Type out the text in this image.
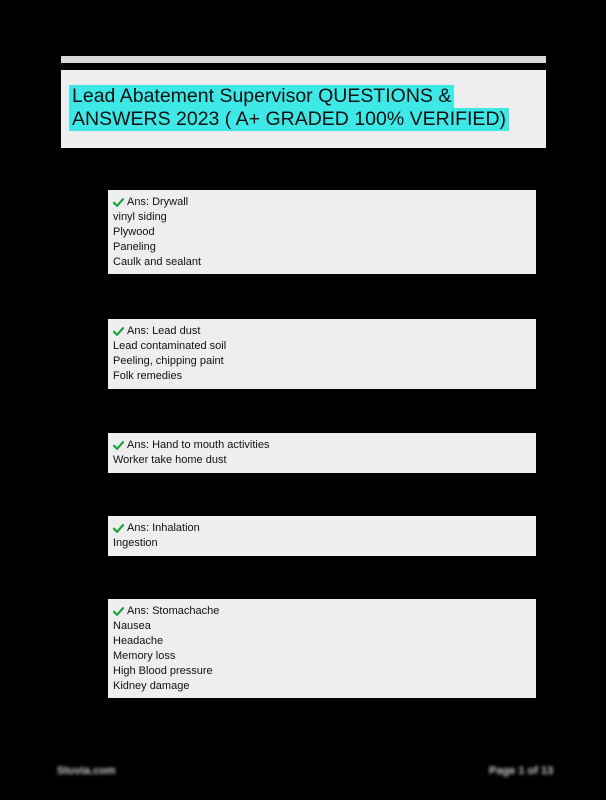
Lead Abatement Supervisor QUESTIONS &
ANSWERS 2023 ( A+ GRADED 100% VERIFIED)
Ans: Drywall
vinyl siding
Plywood
Paneling
Caulk and sealant
Ans: Lead dust
Lead contaminated soil
Peeling, chipping paint
Folk remedies
Ans: Hand to mouth activities
Worker take home dust
Ans: Inhalation
Ingestion
Ans: Stomachache
Nausea
Headache
Memory loss
High Blood pressure
Kidney damage
Stuvia.com	Page 1 of 13
